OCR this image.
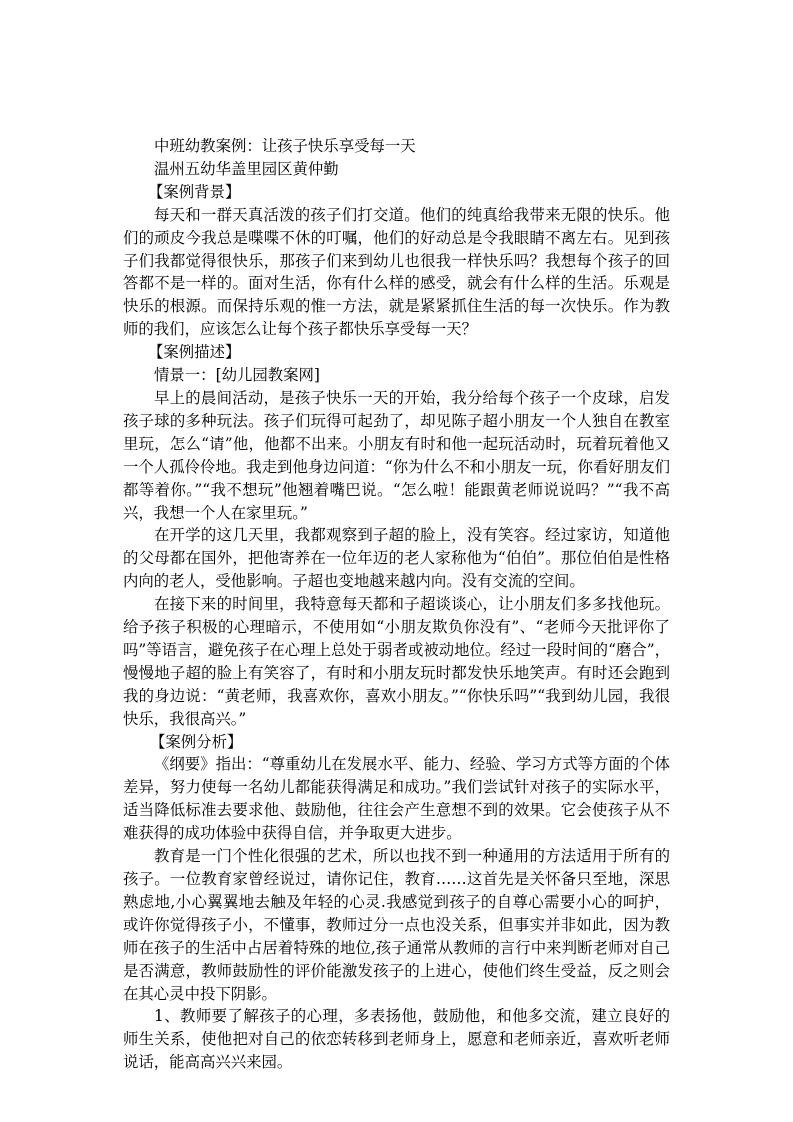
中班幼教案例：让孩子快乐享受每一天

温州五幼华盖里园区黄仲勤

【案例背景】

每天和一群天真活泼的孩子们打交道。他们的纯真给我带来无限的快乐。他们的顽皮今我总是喋喋不休的叮嘱，他们的好动总是令我眼睛不离左右。见到孩子们我都觉得很快乐，那孩子们来到幼儿也很我一样快乐吗？我想每个孩子的回答都不是一样的。面对生活，你有什么样的感受，就会有什么样的生活。乐观是快乐的根源。而保持乐观的惟一方法，就是紧紧抓住生活的每一次快乐。作为教师的我们，应该怎么让每个孩子都快乐享受每一天？

【案例描述】

情景一：[幼儿园教案网]

早上的晨间活动，是孩子快乐一天的开始，我分给每个孩子一个皮球，启发孩子球的多种玩法。孩子们玩得可起劲了，却见陈子超小朋友一个人独自在教室里玩，怎么“请”他，他都不出来。小朋友有时和他一起玩活动时，玩着玩着他又一个人孤伶伶地。我走到他身边问道：“你为什么不和小朋友一玩，你看好朋友们都等着你。”“我不想玩”他翘着嘴巴说。“怎么啦！能跟黄老师说说吗？”“我不高兴，我想一个人在家里玩。”

在开学的这几天里，我都观察到子超的脸上，没有笑容。经过家访，知道他的父母都在国外，把他寄养在一位年迈的老人家称他为“伯伯”。那位伯伯是性格内向的老人，受他影响。子超也变地越来越内向。没有交流的空间。

在接下来的时间里，我特意每天都和子超谈谈心，让小朋友们多多找他玩。给予孩子积极的心理暗示，不使用如“小朋友欺负你没有”、“老师今天批评你了吗”等语言，避免孩子在心理上总处于弱者或被动地位。经过一段时间的“磨合”，慢慢地子超的脸上有笑容了，有时和小朋友玩时都发快乐地笑声。有时还会跑到我的身边说：“黄老师，我喜欢你，喜欢小朋友。”“你快乐吗”“我到幼儿园，我很快乐，我很高兴。”

【案例分析】

《纲要》指出：“尊重幼儿在发展水平、能力、经验、学习方式等方面的个体差异，努力使每一名幼儿都能获得满足和成功。”我们尝试针对孩子的实际水平，适当降低标准去要求他、鼓励他，往往会产生意想不到的效果。它会使孩子从不难获得的成功体验中获得自信，并争取更大进步。

教育是一门个性化很强的艺术，所以也找不到一种通用的方法适用于所有的孩子。一位教育家曾经说过，请你记住，教育……这首先是关怀备只至地，深思熟虑地,小心翼翼地去触及年轻的心灵.我感觉到孩子的自尊心需要小心的呵护，或许你觉得孩子小，不懂事，教师过分一点也没关系，但事实并非如此，因为教师在孩子的生活中占居着特殊的地位,孩子通常从教师的言行中来判断老师对自己是否满意，教师鼓励性的评价能激发孩子的上进心，使他们终生受益，反之则会在其心灵中投下阴影。

1、教师要了解孩子的心理，多表扬他，鼓励他，和他多交流，建立良好的师生关系，使他把对自己的依恋转移到老师身上，愿意和老师亲近，喜欢听老师说话，能高高兴兴来园。
